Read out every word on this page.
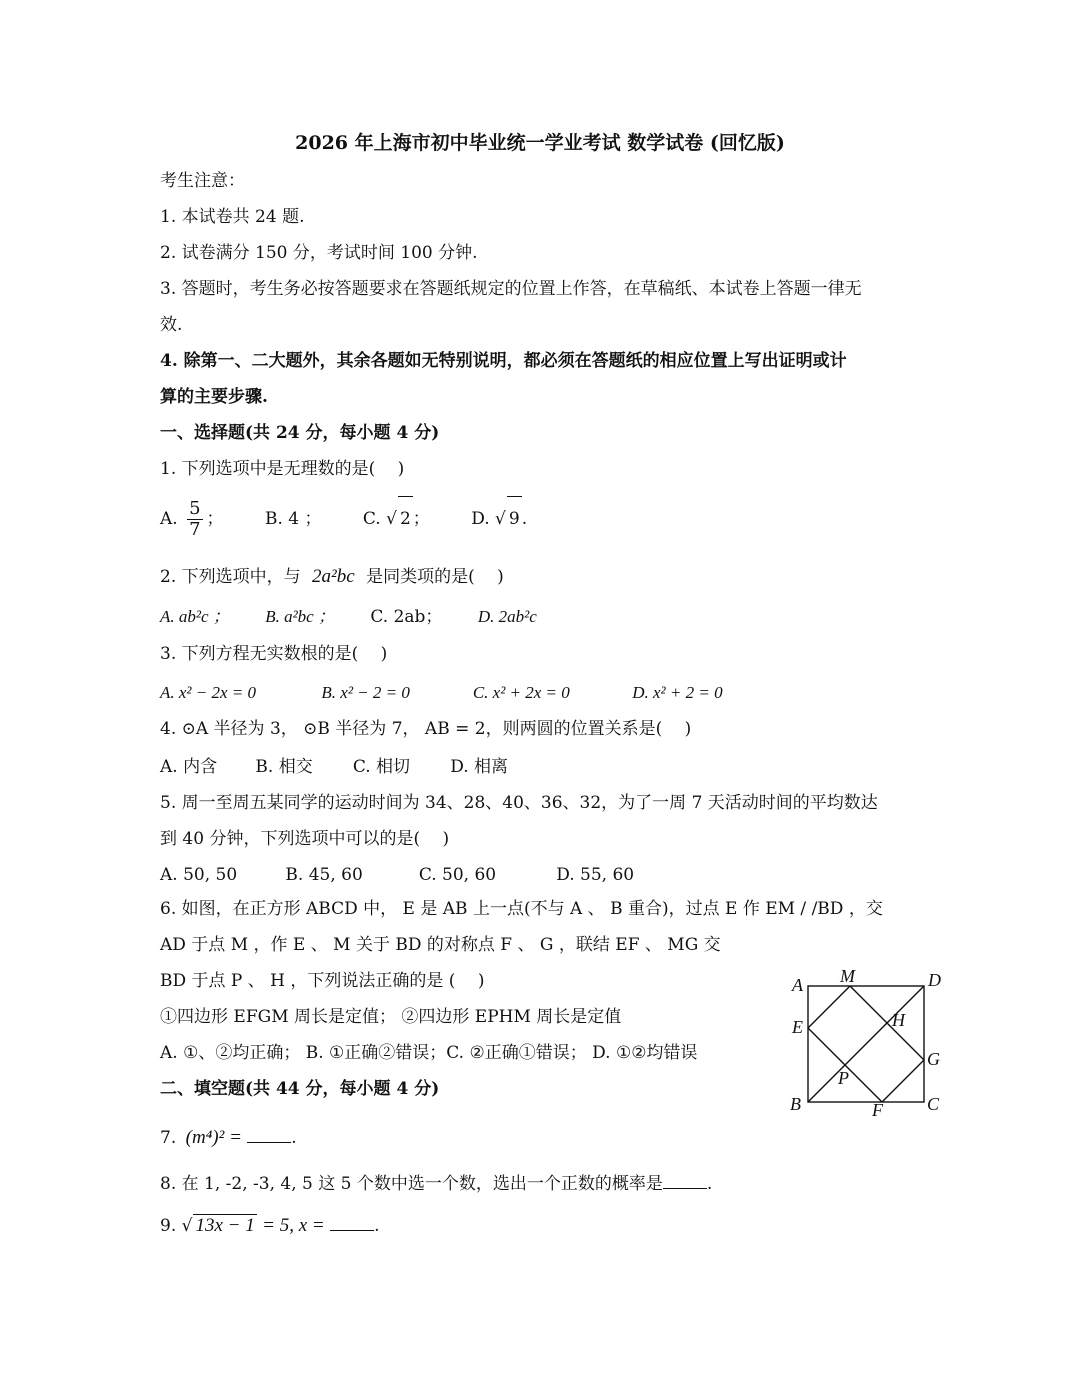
2026 年上海市初中毕业统一学业考试 数学试卷 (回忆版)
考生注意：
1. 本试卷共 24 题.
2. 试卷满分 150 分，考试时间 100 分钟.
3. 答题时，考生务必按答题要求在答题纸规定的位置上作答，在草稿纸、本试卷上答题一律无
效.
4. 除第一、二大题外，其余各题如无特别说明，都必须在答题纸的相应位置上写出证明或计
算的主要步骤.
一、选择题(共 24 分，每小题 4 分)
1. 下列选项中是无理数的是(　 )
A. $\frac{5}{7}$ ； B. 4 ； C. √ 2 ； D. √ 9 .
2. 下列选项中，与 2a²bc 是同类项的是(　 )
A. ab²c ； B. a²bc ； C. 2ab； D. 2ab²c
3. 下列方程无实数根的是(　 )
A. x² − 2x = 0	B. x² − 2 = 0	C. x² + 2x = 0	D. x² + 2 = 0
4. ⊙A 半径为 3， ⊙B 半径为 7， AB = 2，则两圆的位置关系是(　 )
A. 内含 B. 相交 C. 相切 D. 相离
5. 周一至周五某同学的运动时间为 34、28、40、36、32，为了一周 7 天活动时间的平均数达
到 40 分钟，下列选项中可以的是(　 )
A. 50, 50	B. 45, 60	C. 50, 60	D. 55, 60
6. 如图，在正方形 ABCD 中， E 是 AB 上一点(不与 A 、 B 重合)，过点 E 作 EM / /BD ，交
AD 于点 M ，作 E 、 M 关于 BD 的对称点 F 、 G ，联结 EF 、 MG 交
BD 于点 P 、 H ，下列说法正确的是 (　 )
①四边形 EFGM 周长是定值； ②四边形 EPHM 周长是定值
A. ①、②均正确； B. ①正确②错误；C. ②正确①错误； D. ①②均错误
A M	D
E	H
G
P
B	F C
二、填空题(共 44 分，每小题 4 分)
7. (m⁴)² =	.
8. 在 1, -2, -3, 4, 5 这 5 个数中选一个数，选出一个正数的概率是	.
9. √ 13x − 1 = 5, x =	.
